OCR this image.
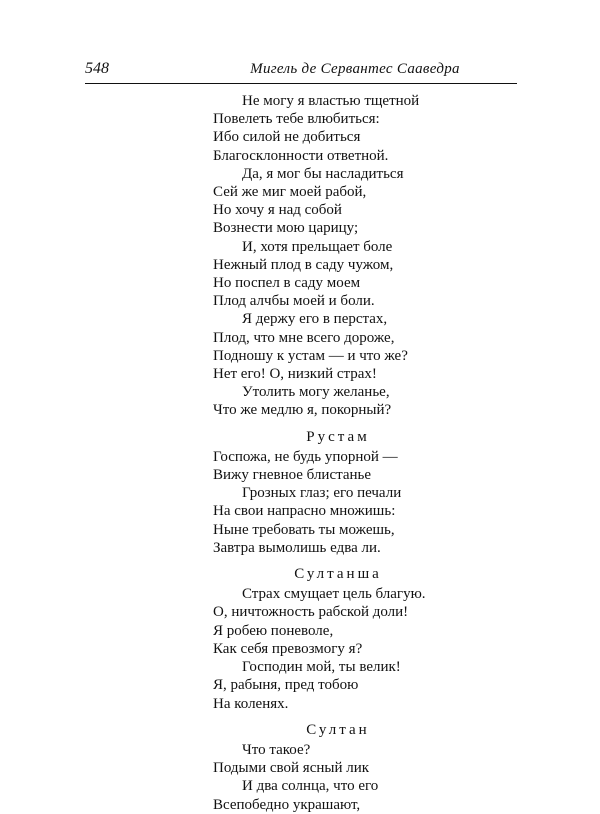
548	Мигель де Сервантес Сааведра
Не могу я властью тщетной
Повелеть тебе влюбиться:
Ибо силой не добиться
Благосклонности ответной.
Да, я мог бы насладиться
Сей же миг моей рабой,
Но хочу я над собой
Вознести мою царицу;
И, хотя прельщает боле
Нежный плод в саду чужом,
Но поспел в саду моем
Плод алчбы моей и боли.
Я держу его в перстах,
Плод, что мне всего дороже,
Подношу к устам — и что же?
Нет его! О, низкий страх!
Утолить могу желанье,
Что же медлю я, покорный?
Рустам
Госпожа, не будь упорной —
Вижу гневное блистанье
Грозных глаз; его печали
На свои напрасно множишь:
Ныне требовать ты можешь,
Завтра вымолишь едва ли.
Султанша
Страх смущает цель благую.
О, ничтожность рабской доли!
Я робею поневоле,
Как себя превозмогу я?
Господин мой, ты велик!
Я, рабыня, пред тобою
На коленях.
Султан
Что такое?
Подыми свой ясный лик
И два солнца, что его
Всепобедно украшают,
